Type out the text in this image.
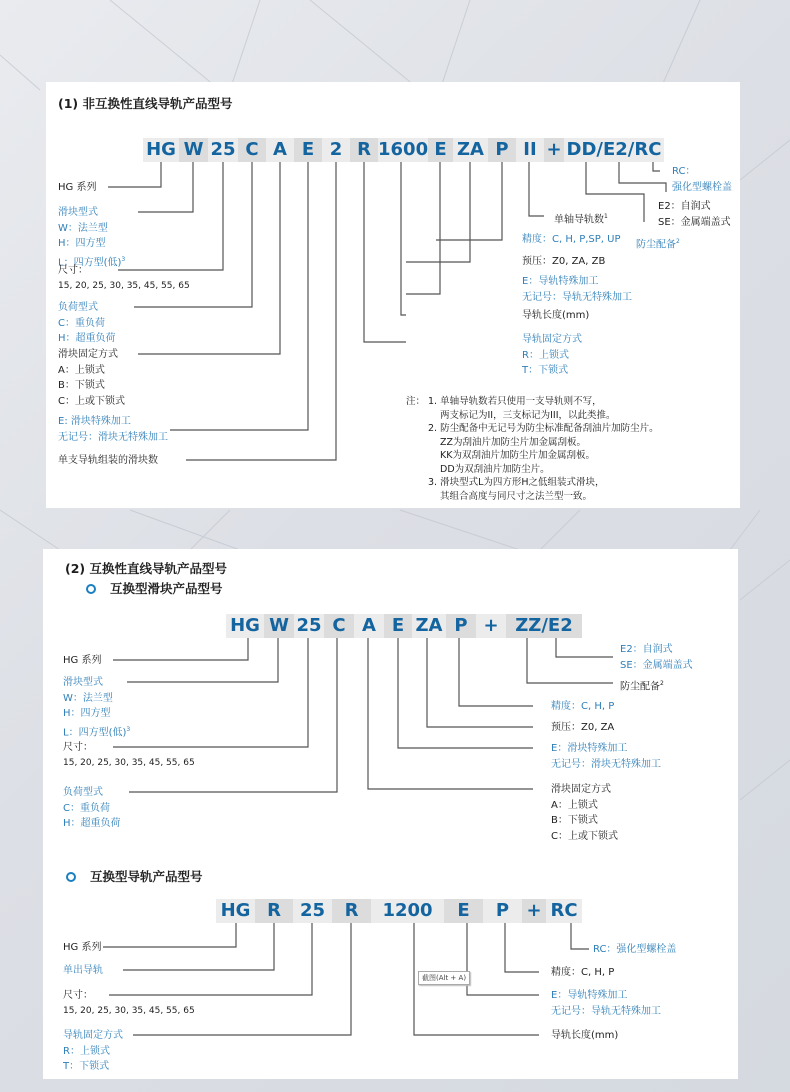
(1) 非互换性直线导轨产品型号
HG W 25 C A E 2 R 1600 E ZA P II + DD/E2/RC
HG 系列
滑块型式
W：法兰型
H：四方型
L：四方型(低)$^3$
尺寸：
15, 20, 25, 30, 35, 45, 55, 65
负荷型式
C：重负荷
H：超重负荷
滑块固定方式
A：上锁式
B：下锁式
C：上或下锁式
E: 滑块特殊加工
无记号：滑块无特殊加工
单支导轨组装的滑块数
RC：
强化型螺栓盖
E2：自润式
SE：金属端盖式
单轴导轨数$^1$
防尘配备$^2$
精度：C, H, P,SP, UP
预压：Z0, ZA, ZB
E：导轨特殊加工
无记号：导轨无特殊加工
导轨长度(mm)
导轨固定方式
R：上锁式
T：下锁式
注： 1. 单轴导轨数若只使用一支导轨则不写，
两支标记为II，三支标记为III，以此类推。
2. 防尘配备中无记号为防尘标准配备刮油片加防尘片。
ZZ为刮油片加防尘片加金属刮板。
KK为双刮油片加防尘片加金属刮板。
DD为双刮油片加防尘片。
3. 滑块型式L为四方形H之低组装式滑块，
其组合高度与同尺寸之法兰型一致。
(2) 互换性直线导轨产品型号
互换型滑块产品型号
HG W 25 C A E ZA P + ZZ/E2
互换型导轨产品型号
HG R	25	R	1200	E	P + RC
HG 系列
滑块型式
W：法兰型
H：四方型
L：四方型(低)$^3$
尺寸：
15, 20, 25, 30, 35, 45, 55, 65
负荷型式
C：重负荷
H：超重负荷
E2：自润式
SE：金属端盖式
防尘配备$^2$
精度：C, H, P
预压：Z0, ZA
E：滑块特殊加工
无记号：滑块无特殊加工
滑块固定方式
A：上锁式
B：下锁式
C：上或下锁式
HG 系列
单出导轨
尺寸：
15, 20, 25, 30, 35, 45, 55, 65
导轨固定方式
R：上锁式
T：下锁式
RC：强化型螺栓盖
精度：C, H, P
E：导轨特殊加工
无记号：导轨无特殊加工
导轨长度(mm)
截图(Alt + A)
